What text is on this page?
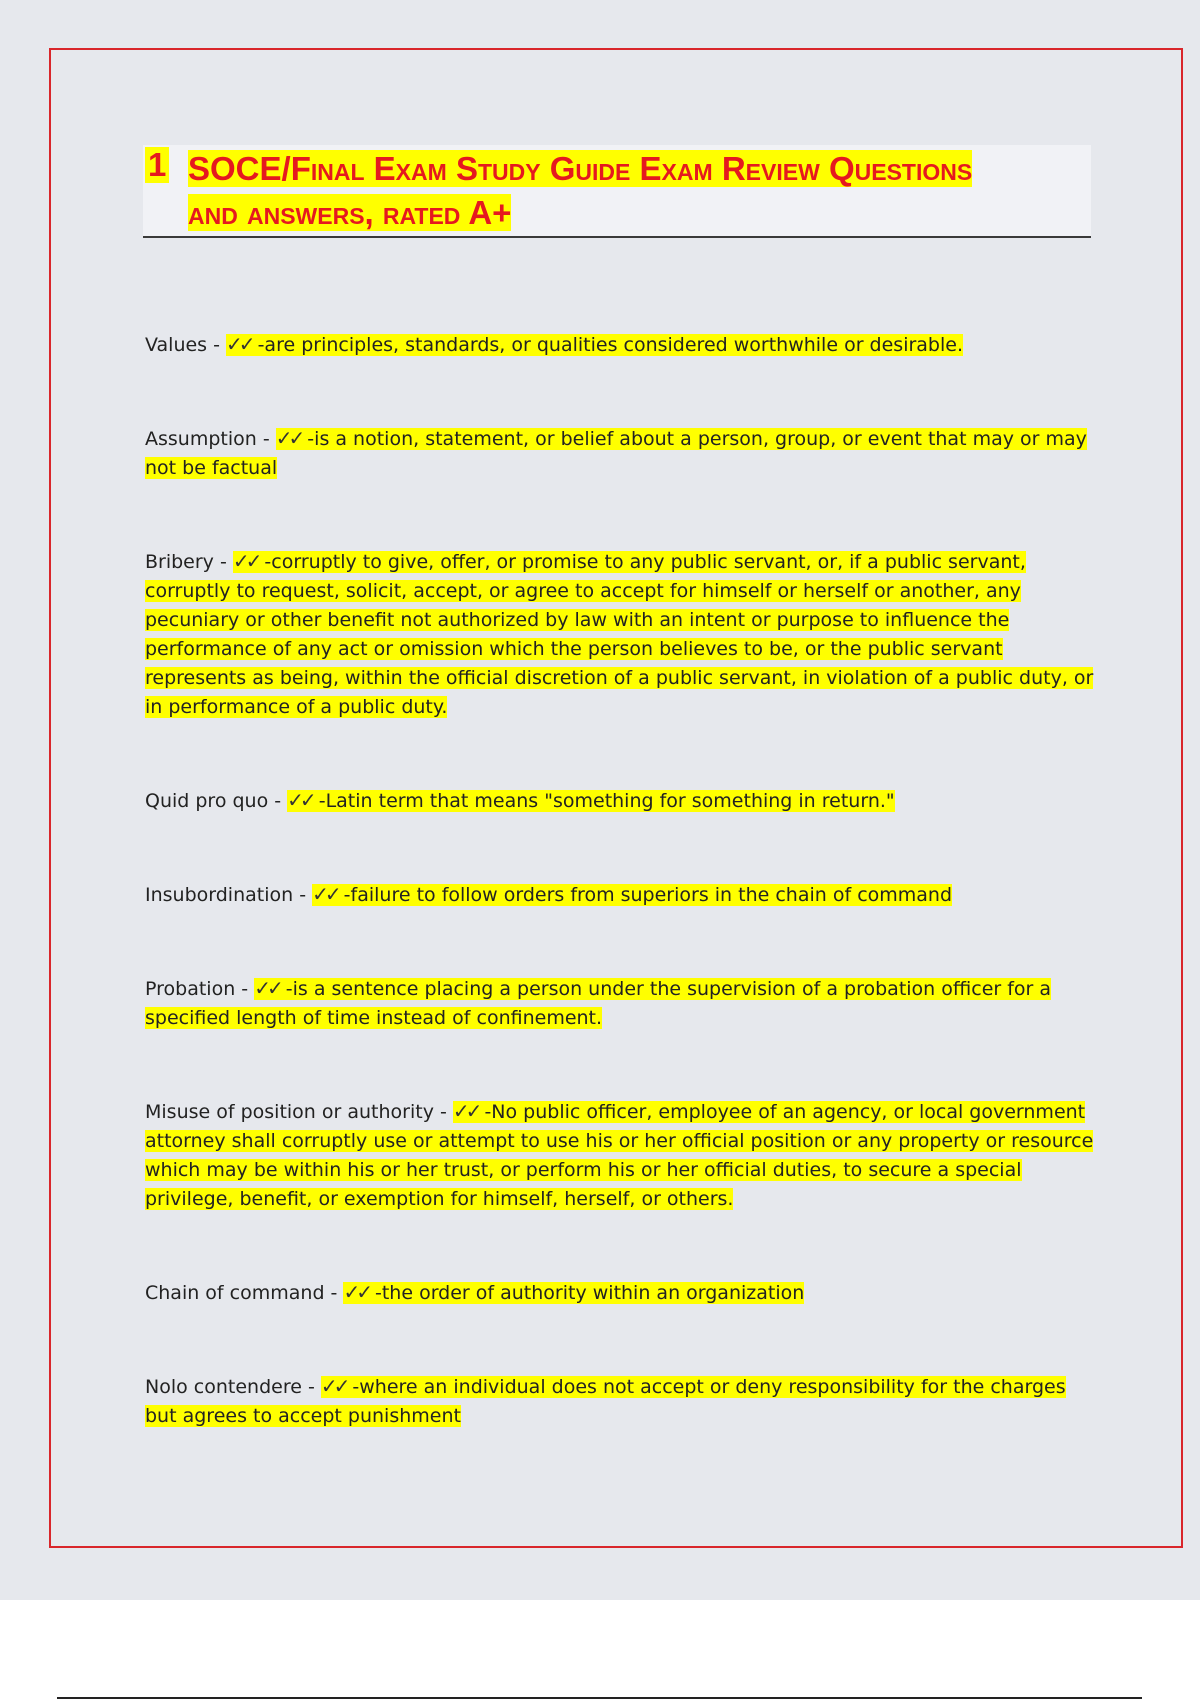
1 SOCE/Final Exam Study Guide Exam Review Questions and answers, rated A+

Values - ✓✓ -are principles, standards, or qualities considered worthwhile or desirable.

Assumption - ✓✓ -is a notion, statement, or belief about a person, group, or event that may or may not be factual

Bribery - ✓✓ -corruptly to give, offer, or promise to any public servant, or, if a public servant, corruptly to request, solicit, accept, or agree to accept for himself or herself or another, any pecuniary or other benefit not authorized by law with an intent or purpose to influence the performance of any act or omission which the person believes to be, or the public servant represents as being, within the official discretion of a public servant, in violation of a public duty, or in performance of a public duty.

Quid pro quo - ✓✓ -Latin term that means "something for something in return."

Insubordination - ✓✓ -failure to follow orders from superiors in the chain of command

Probation - ✓✓ -is a sentence placing a person under the supervision of a probation officer for a specified length of time instead of confinement.

Misuse of position or authority - ✓✓ -No public officer, employee of an agency, or local government attorney shall corruptly use or attempt to use his or her official position or any property or resource which may be within his or her trust, or perform his or her official duties, to secure a special privilege, benefit, or exemption for himself, herself, or others.

Chain of command - ✓✓ -the order of authority within an organization

Nolo contendere - ✓✓ -where an individual does not accept or deny responsibility for the charges but agrees to accept punishment
